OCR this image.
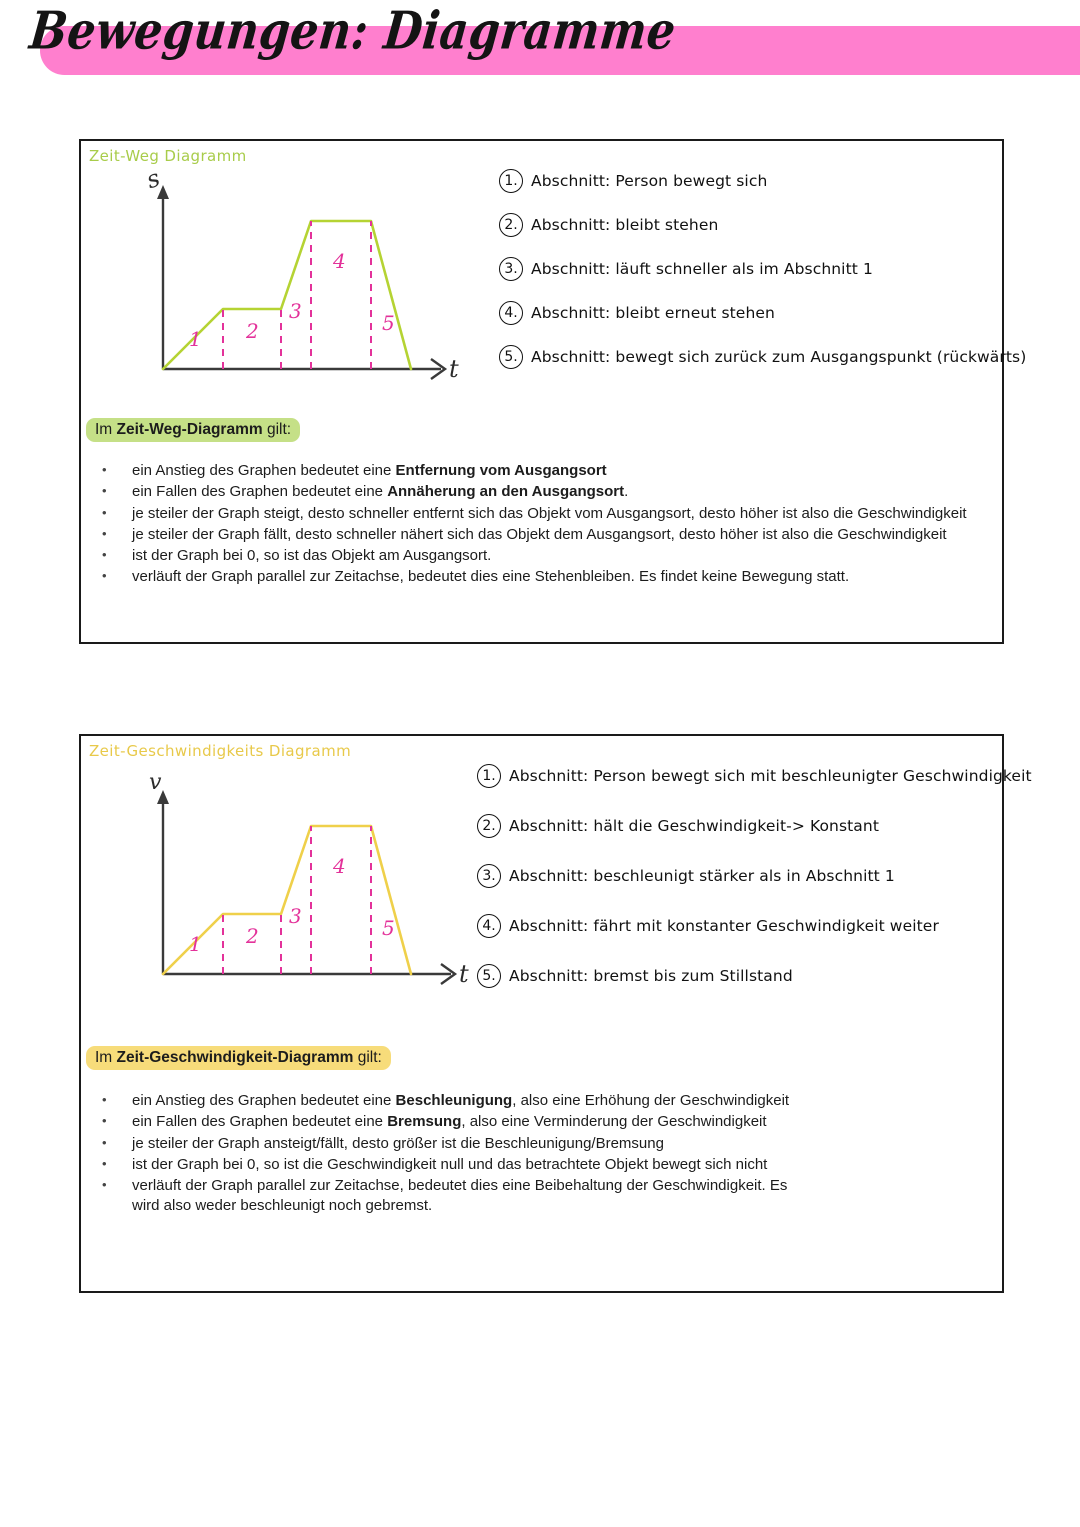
Bewegungen: Diagramme
Zeit-Weg Diagramm
s
t
1 2
3
4
5
1. Abschnitt: Person bewegt sich
2. Abschnitt: bleibt stehen
3. Abschnitt: läuft schneller als im Abschnitt 1
4. Abschnitt: bleibt erneut stehen
5. Abschnitt: bewegt sich zurück zum Ausgangspunkt (rückwärts)
Im Zeit-Weg-Diagramm gilt:
•	ein Anstieg des Graphen bedeutet eine Entfernung vom Ausgangsort
•	ein Fallen des Graphen bedeutet eine Annäherung an den Ausgangsort.
•	je steiler der Graph steigt, desto schneller entfernt sich das Objekt vom Ausgangsort, desto höher ist also die Geschwindigkeit
•	je steiler der Graph fällt, desto schneller nähert sich das Objekt dem Ausgangsort, desto höher ist also die Geschwindigkeit
•	ist der Graph bei 0, so ist das Objekt am Ausgangsort.
•	verläuft der Graph parallel zur Zeitachse, bedeutet dies eine Stehenbleiben. Es findet keine Bewegung statt.
Zeit-Geschwindigkeits Diagramm
v
t
1 2
3
4
5
1. Abschnitt: Person bewegt sich mit beschleunigter Geschwindigkeit
2. Abschnitt: hält die Geschwindigkeit-> Konstant
3. Abschnitt: beschleunigt stärker als in Abschnitt 1
4. Abschnitt: fährt mit konstanter Geschwindigkeit weiter
5. Abschnitt: bremst bis zum Stillstand
Im Zeit-Geschwindigkeit-Diagramm gilt:
•	ein Anstieg des Graphen bedeutet eine Beschleunigung, also eine Erhöhung der Geschwindigkeit
•	ein Fallen des Graphen bedeutet eine Bremsung, also eine Verminderung der Geschwindigkeit
•	je steiler der Graph ansteigt/fällt, desto größer ist die Beschleunigung/Bremsung
•	ist der Graph bei 0, so ist die Geschwindigkeit null und das betrachtete Objekt bewegt sich nicht
•	verläuft der Graph parallel zur Zeitachse, bedeutet dies eine Beibehaltung der Geschwindigkeit. Es wird also weder beschleunigt noch gebremst.
